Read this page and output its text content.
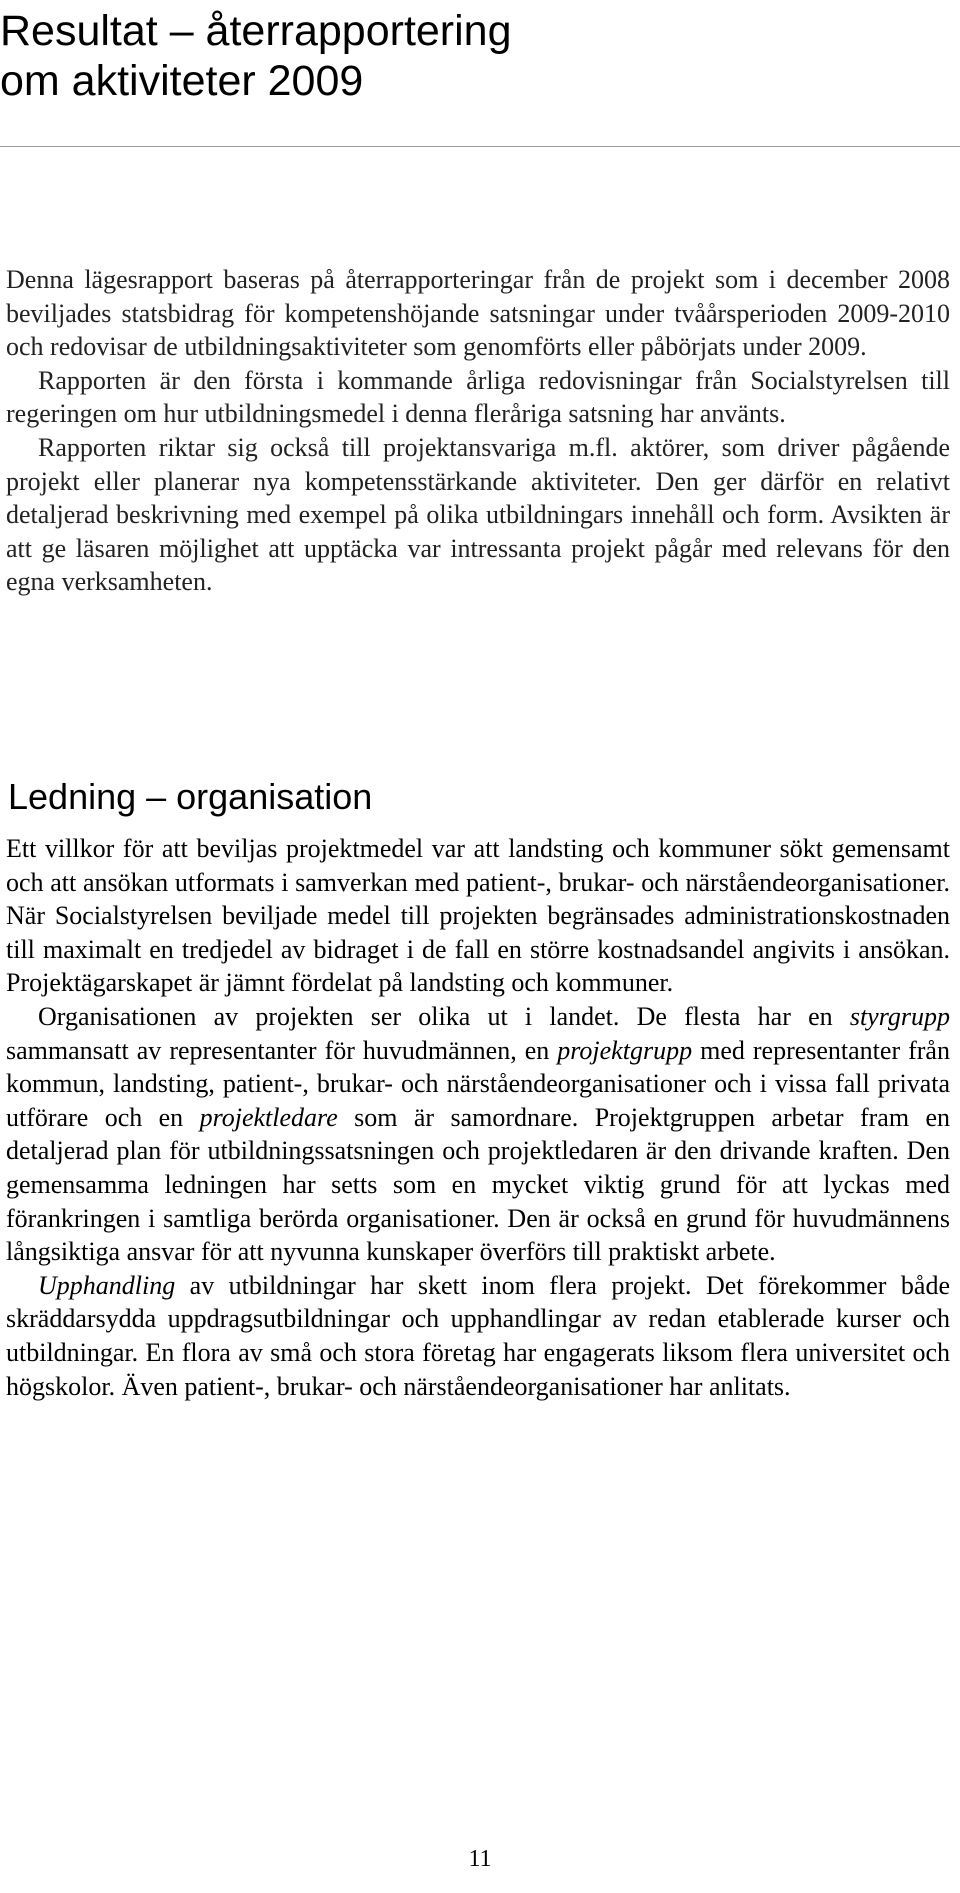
Resultat – återrapportering
om aktiviteter 2009

Denna lägesrapport baseras på återrapporteringar från de projekt som i december 2008 beviljades statsbidrag för kompetenshöjande satsningar under tvåårsperioden 2009-2010 och redovisar de utbildningsaktiviteter som genomförts eller påbörjats under 2009.

Rapporten är den första i kommande årliga redovisningar från Socialstyrelsen till regeringen om hur utbildningsmedel i denna fleråriga satsning har använts.

Rapporten riktar sig också till projektansvariga m.fl. aktörer, som driver pågående projekt eller planerar nya kompetensstärkande aktiviteter. Den ger därför en relativt detaljerad beskrivning med exempel på olika utbildningars innehåll och form. Avsikten är att ge läsaren möjlighet att upptäcka var intressanta projekt pågår med relevans för den egna verksamheten.

Ledning – organisation

Ett villkor för att beviljas projektmedel var att landsting och kommuner sökt gemensamt och att ansökan utformats i samverkan med patient-, brukar- och närståendeorganisationer. När Socialstyrelsen beviljade medel till projekten begränsades administrationskostnaden till maximalt en tredjedel av bidraget i de fall en större kostnadsandel angivits i ansökan. Projektägarskapet är jämnt fördelat på landsting och kommuner.

Organisationen av projekten ser olika ut i landet. De flesta har en styrgrupp sammansatt av representanter för huvudmännen, en projektgrupp med representanter från kommun, landsting, patient-, brukar- och närståendeorganisationer och i vissa fall privata utförare och en projektledare som är samordnare. Projektgruppen arbetar fram en detaljerad plan för utbildningssatsningen och projektledaren är den drivande kraften. Den gemensamma ledningen har setts som en mycket viktig grund för att lyckas med förankringen i samtliga berörda organisationer. Den är också en grund för huvudmännens långsiktiga ansvar för att nyvunna kunskaper överförs till praktiskt arbete.

Upphandling av utbildningar har skett inom flera projekt. Det förekommer både skräddarsydda uppdragsutbildningar och upphandlingar av redan etablerade kurser och utbildningar. En flora av små och stora företag har engagerats liksom flera universitet och högskolor. Även patient-, brukar- och närståendeorganisationer har anlitats.

11
